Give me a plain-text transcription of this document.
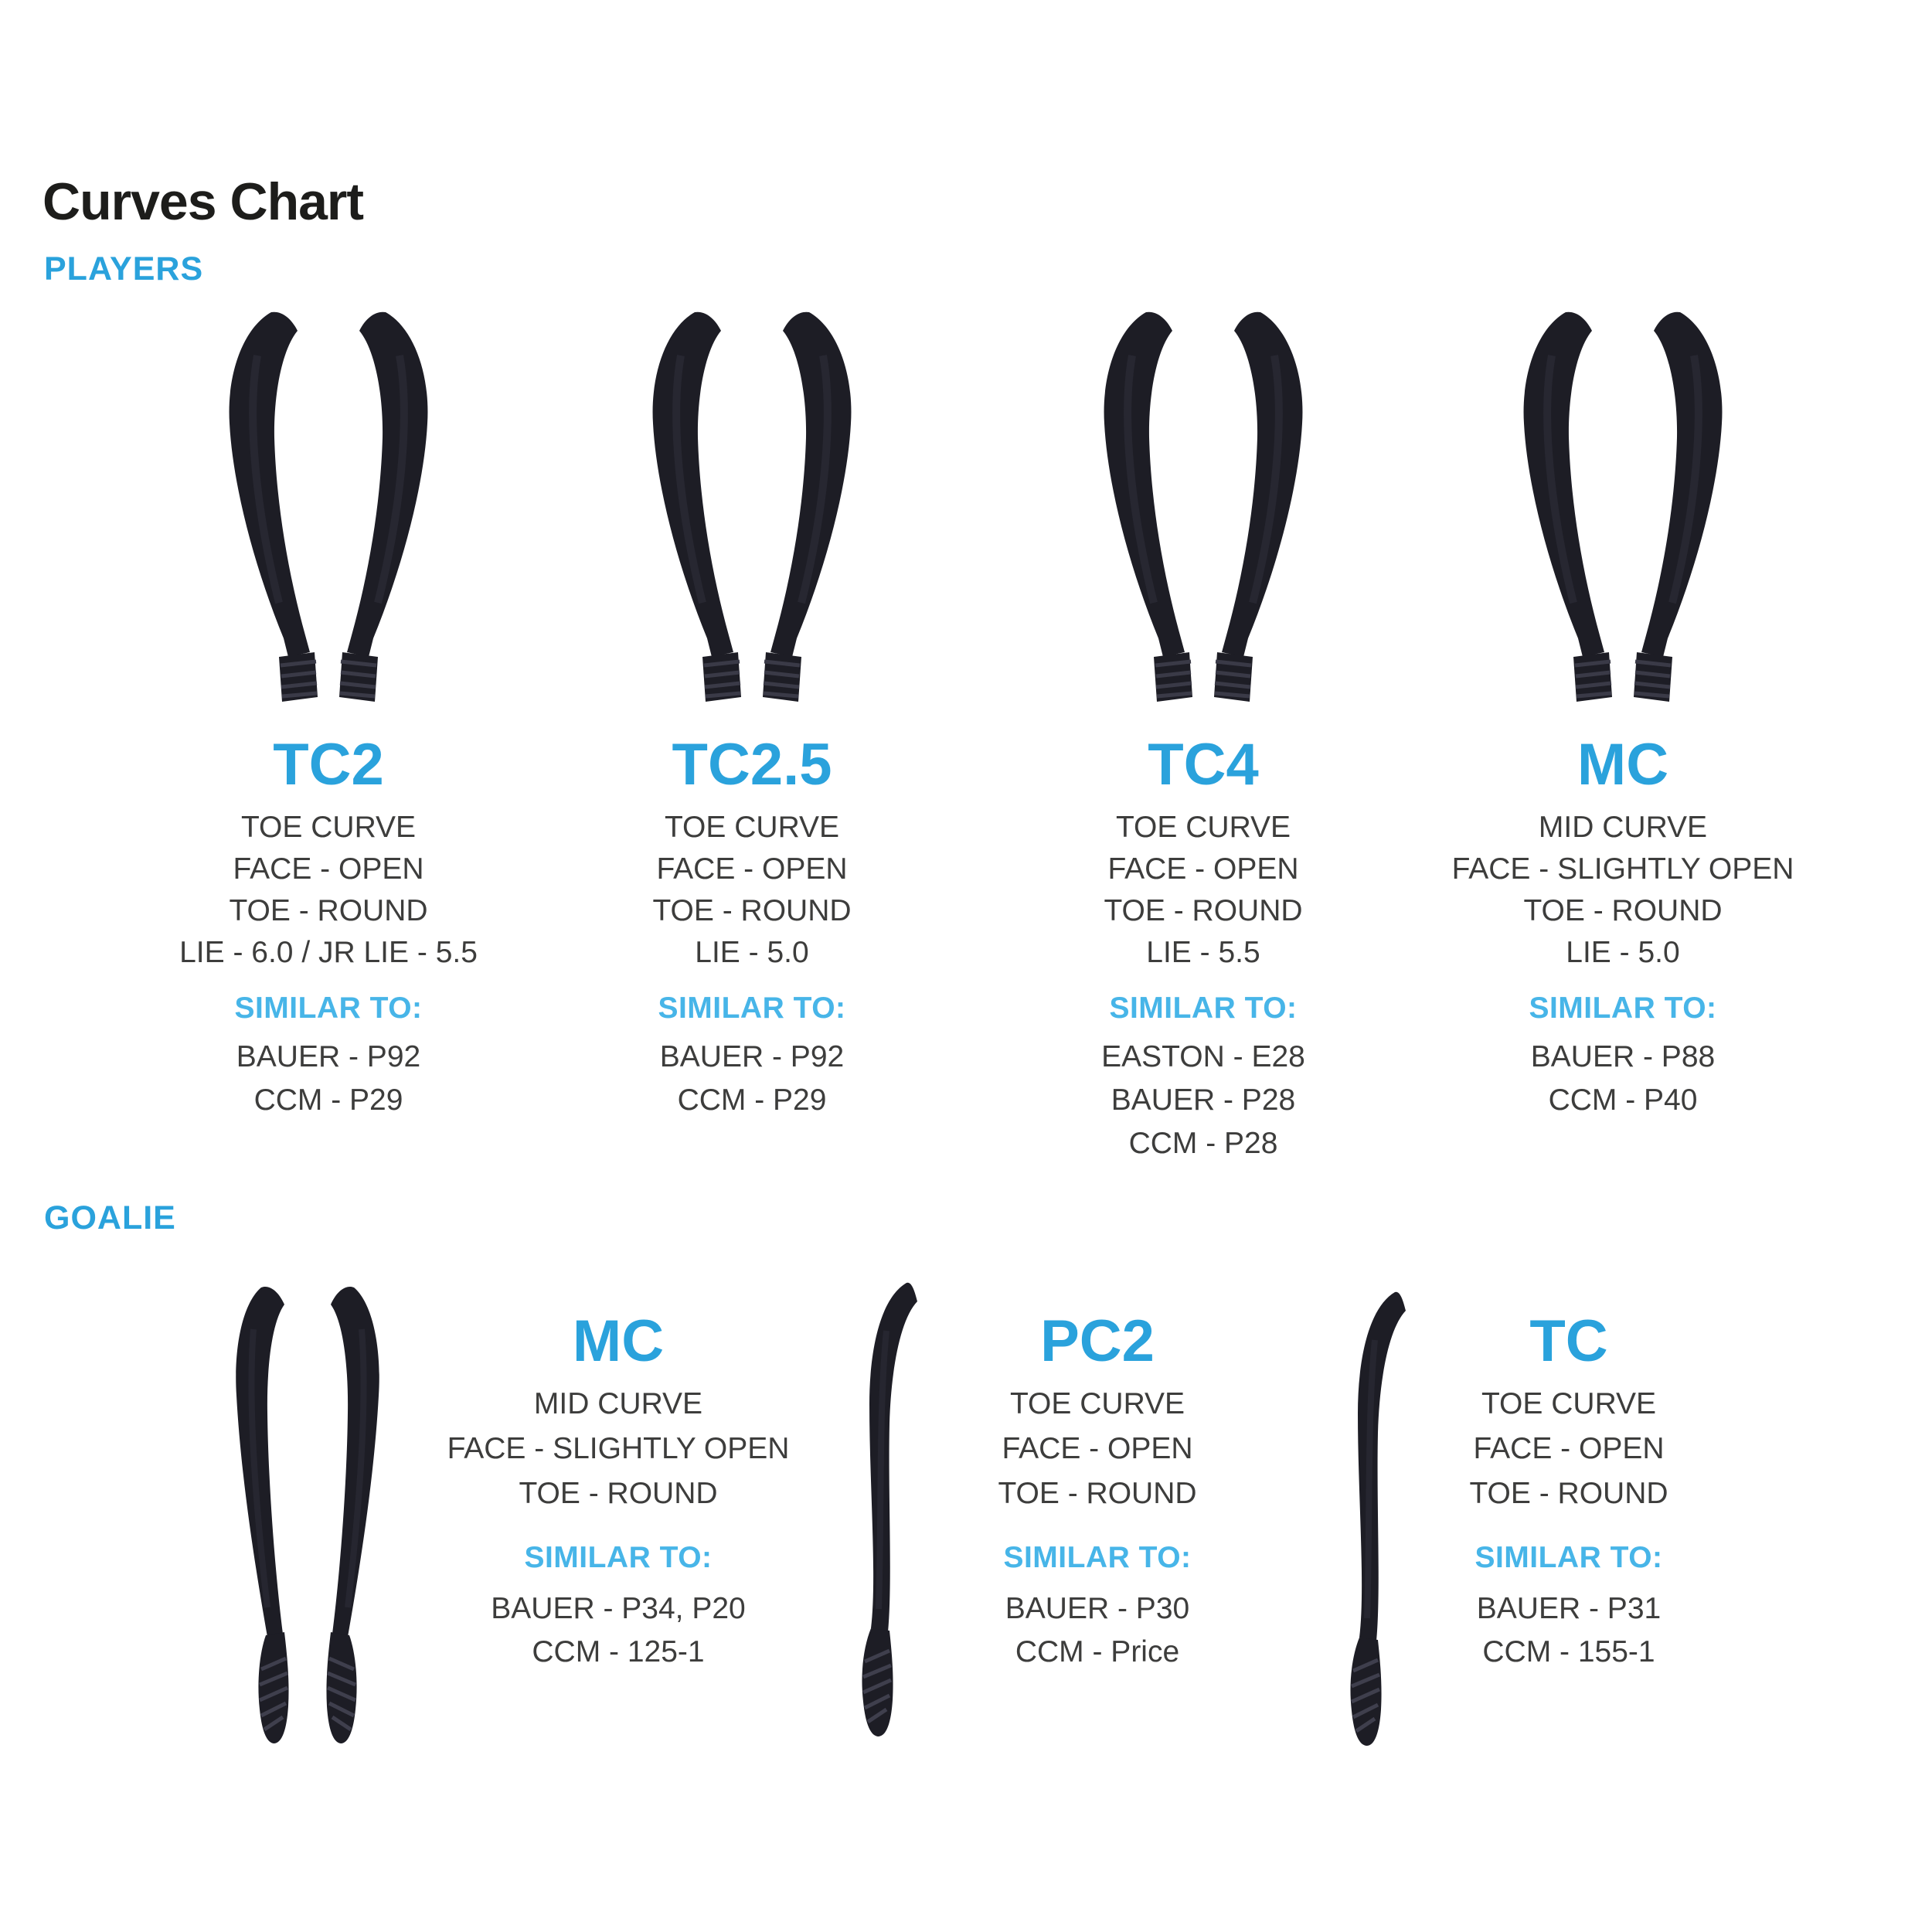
Curves Chart
PLAYERS
TC2
TOE CURVE
FACE - OPEN
TOE - ROUND
LIE - 6.0 / JR LIE - 5.5
SIMILAR TO:
BAUER - P92
CCM - P29
TC2.5
TOE CURVE
FACE - OPEN
TOE - ROUND
LIE - 5.0
SIMILAR TO:
BAUER - P92
CCM - P29
TC4
TOE CURVE
FACE - OPEN
TOE - ROUND
LIE - 5.5
SIMILAR TO:
EASTON - E28
BAUER - P28
CCM - P28
MC
MID CURVE
FACE - SLIGHTLY OPEN
TOE - ROUND
LIE - 5.0
SIMILAR TO:
BAUER - P88
CCM - P40
GOALIE
MC
MID CURVE
FACE - SLIGHTLY OPEN
TOE - ROUND
SIMILAR TO:
BAUER - P34, P20
CCM - 125-1
PC2
TOE CURVE
FACE - OPEN
TOE - ROUND
SIMILAR TO:
BAUER - P30
CCM - Price
TC
TOE CURVE
FACE - OPEN
TOE - ROUND
SIMILAR TO:
BAUER - P31
CCM - 155-1
